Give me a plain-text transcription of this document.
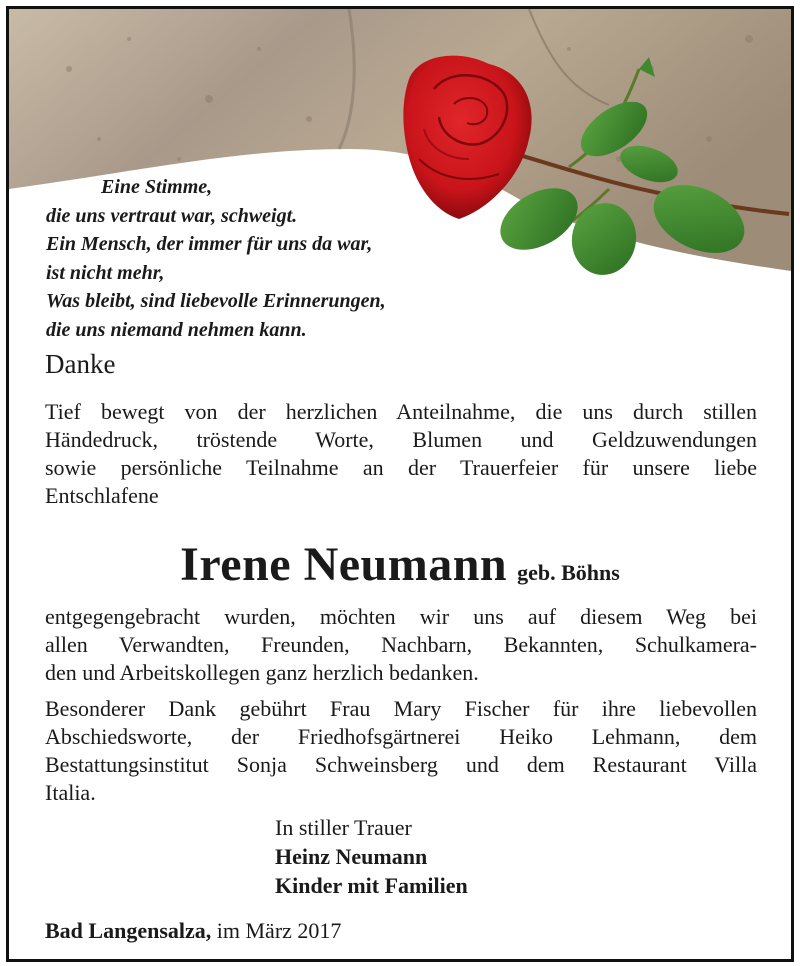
Eine Stimme,
die uns vertraut war, schweigt.
Ein Mensch, der immer für uns da war,
ist nicht mehr,
Was bleibt, sind liebevolle Erinnerungen,
die uns niemand nehmen kann.
Danke
Tief bewegt von der herzlichen Anteilnahme, die uns durch stillen
Händedruck, tröstende Worte, Blumen und Geldzuwendungen
sowie persönliche Teilnahme an der Trauerfeier für unsere liebe
Entschlafene
Irene Neumann geb. Böhns
entgegengebracht wurden, möchten wir uns auf diesem Weg bei
allen Verwandten, Freunden, Nachbarn, Bekannten, Schulkamera-
den und Arbeitskollegen ganz herzlich bedanken.
Besonderer Dank gebührt Frau Mary Fischer für ihre liebevollen
Abschiedsworte, der Friedhofsgärtnerei Heiko Lehmann, dem
Bestattungsinstitut Sonja Schweinsberg und dem Restaurant Villa
Italia.
In stiller Trauer
Heinz Neumann
Kinder mit Familien
Bad Langensalza, im März 2017
